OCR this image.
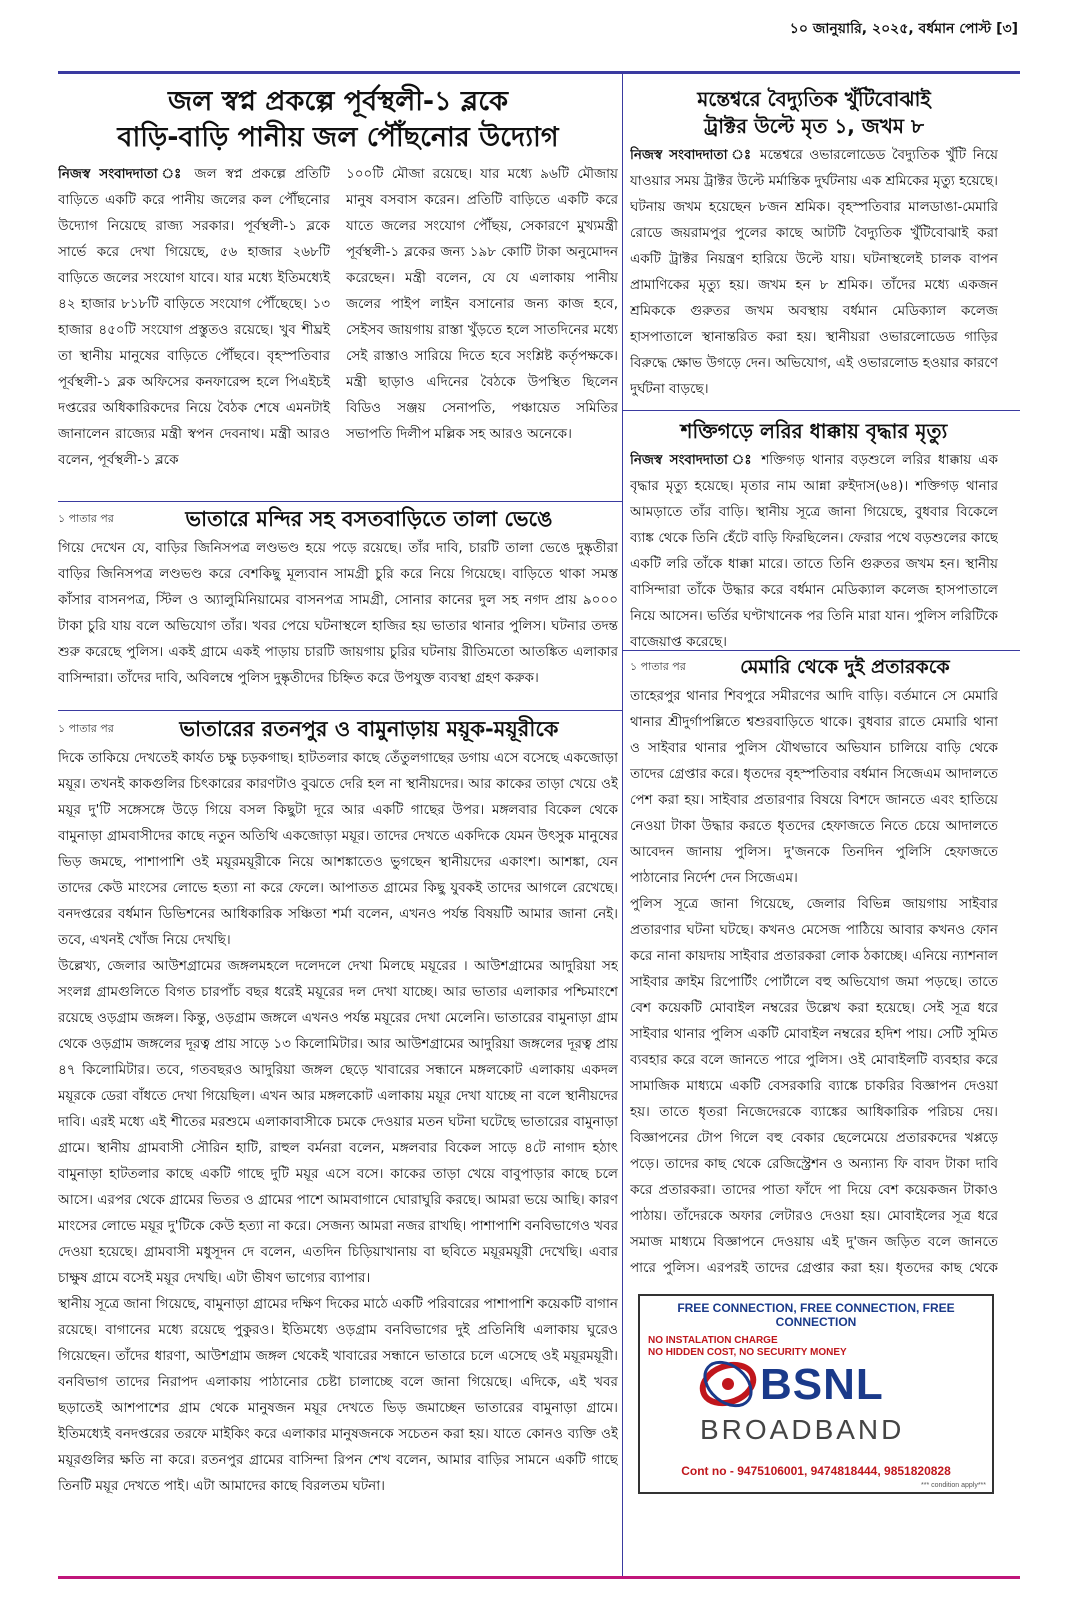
১০ জানুয়ারি, ২০২৫, বর্ধমান পোস্ট [৩]
জল স্বপ্ন প্রকল্পে পূর্বস্থলী-১ ব্লকে
বাড়ি-বাড়ি পানীয় জল পৌঁছনোর উদ্যোগ
নিজস্ব সংবাদদাতা ঃ জল স্বপ্ন প্রকল্পে প্রতিটি বাড়িতে একটি করে পানীয় জলের কল পৌঁছনোর উদ্যোগ নিয়েছে রাজ্য সরকার। পূর্বস্থলী-১ ব্লকে সার্ভে করে দেখা গিয়েছে, ৫৬ হাজার ২৬৮টি বাড়িতে জলের সংযোগ যাবে। যার মধ্যে ইতিমধ্যেই ৪২ হাজার ৮১৮টি বাড়িতে সংযোগ পৌঁছেছে। ১৩ হাজার ৪৫০টি সংযোগ প্রস্তুতও রয়েছে। খুব শীঘ্রই তা স্থানীয় মানুষের বাড়িতে পৌঁছবে। বৃহস্পতিবার পূর্বস্থলী-১ ব্লক অফিসের কনফারেন্স হলে পিএইচই দপ্তরের অধিকারিকদের নিয়ে বৈঠক শেষে এমনটাই জানালেন রাজ্যের মন্ত্রী স্বপন দেবনাথ। মন্ত্রী আরও বলেন, পূর্বস্থলী-১ ব্লকে
১০০টি মৌজা রয়েছে। যার মধ্যে ৯৬টি মৌজায় মানুষ বসবাস করেন। প্রতিটি বাড়িতে একটি করে যাতে জলের সংযোগ পৌঁছয়, সেকারণে মুখ্যমন্ত্রী পূর্বস্থলী-১ ব্লকের জন্য ১৯৮ কোটি টাকা অনুমোদন করেছেন। মন্ত্রী বলেন, যে যে এলাকায় পানীয় জলের পাইপ লাইন বসানোর জন্য কাজ হবে, সেইসব জায়গায় রাস্তা খুঁড়তে হলে সাতদিনের মধ্যে সেই রাস্তাও সারিয়ে দিতে হবে সংশ্লিষ্ট কর্তৃপক্ষকে। মন্ত্রী ছাড়াও এদিনের বৈঠকে উপস্থিত ছিলেন বিডিও সঞ্জয় সেনাপতি, পঞ্চায়েত সমিতির সভাপতি দিলীপ মল্লিক সহ আরও অনেকে।
১ পাতার পর	ভাতারে মন্দির সহ বসতবাড়িতে তালা ভেঙে
গিয়ে দেখেন যে, বাড়ির জিনিসপত্র লণ্ডভণ্ড হয়ে পড়ে রয়েছে। তাঁর দাবি, চারটি তালা ভেঙে দুষ্কৃতীরা বাড়ির জিনিসপত্র লণ্ডভণ্ড করে বেশকিছু মূল্যবান সামগ্রী চুরি করে নিয়ে গিয়েছে। বাড়িতে থাকা সমস্ত কাঁসার বাসনপত্র, স্টিল ও অ্যালুমিনিয়ামের বাসনপত্র সামগ্রী, সোনার কানের দুল সহ নগদ প্রায় ৯০০০ টাকা চুরি যায় বলে অভিযোগ তাঁর। খবর পেয়ে ঘটনাস্থলে হাজির হয় ভাতার থানার পুলিস। ঘটনার তদন্ত শুরু করেছে পুলিস। একই গ্রামে একই পাড়ায় চারটি জায়গায় চুরির ঘটনায় রীতিমতো আতঙ্কিত এলাকার বাসিন্দারা। তাঁদের দাবি, অবিলম্বে পুলিস দুষ্কৃতীদের চিহ্নিত করে উপযুক্ত ব্যবস্থা গ্রহণ করুক।
১ পাতার পর	ভাতারের রতনপুর ও বামুনাড়ায় ময়ূক-ময়ূরীকে
দিকে তাকিয়ে দেখতেই কার্যত চক্ষু চড়কগাছ। হাটতলার কাছে তেঁতুলগাছের ডগায় এসে বসেছে একজোড়া ময়ূর। তখনই কাকগুলির চিৎকারের কারণটাও বুঝতে দেরি হল না স্থানীয়দের। আর কাকের তাড়া খেয়ে ওই ময়ূর দু'টি সঙ্গেসঙ্গে উড়ে গিয়ে বসল কিছুটা দূরে আর একটি গাছের উপর। মঙ্গলবার বিকেল থেকে বামুনাড়া গ্রামবাসীদের কাছে নতুন অতিথি একজোড়া ময়ূর। তাদের দেখতে একদিকে যেমন উৎসুক মানুষের ভিড় জমছে, পাশাপাশি ওই ময়ূরময়ূরীকে নিয়ে আশঙ্কাতেও ভুগছেন স্থানীয়দের একাংশ। আশঙ্কা, যেন তাদের কেউ মাংসের লোভে হত্যা না করে ফেলে। আপাতত গ্রামের কিছু যুবকই তাদের আগলে রেখেছে। বনদপ্তরের বর্ধমান ডিভিশনের আধিকারিক সঞ্চিতা শর্মা বলেন, এখনও পর্যন্ত বিষয়টি আমার জানা নেই। তবে, এখনই খোঁজ নিয়ে দেখছি।
উল্লেখ্য, জেলার আউশগ্রামের জঙ্গলমহলে দলেদলে দেখা মিলছে ময়ূরের । আউশগ্রামের আদুরিয়া সহ সংলগ্ন গ্রামগুলিতে বিগত চারপাঁচ বছর ধরেই ময়ূরের দল দেখা যাচ্ছে। আর ভাতার এলাকার পশ্চিমাংশে রয়েছে ওড়গ্রাম জঙ্গল। কিন্তু, ওড়গ্রাম জঙ্গলে এখনও পর্যন্ত ময়ূরের দেখা মেলেনি। ভাতারের বামুনাড়া গ্রাম থেকে ওড়গ্রাম জঙ্গলের দূরত্ব প্রায় সাড়ে ১৩ কিলোমিটার। আর আউশগ্রামের আদুরিয়া জঙ্গলের দূরত্ব প্রায় ৪৭ কিলোমিটার। তবে, গতবছরও আদুরিয়া জঙ্গল ছেড়ে খাবারের সন্ধানে মঙ্গলকোট এলাকায় একদল ময়ূরকে ডেরা বাঁধতে দেখা গিয়েছিল। এখন আর মঙ্গলকোট এলাকায় ময়ূর দেখা যাচ্ছে না বলে স্থানীয়দের দাবি। এরই মধ্যে এই শীতের মরশুমে এলাকাবাসীকে চমকে দেওয়ার মতন ঘটনা ঘটেছে ভাতারের বামুনাড়া গ্রামে। স্থানীয় গ্রামবাসী সৌরিন হাটি, রাহুল বর্মনরা বলেন, মঙ্গলবার বিকেল সাড়ে ৪টে নাগাদ হঠাৎ বামুনাড়া হাটতলার কাছে একটি গাছে দুটি ময়ূর এসে বসে। কাকের তাড়া খেয়ে বাবুপাড়ার কাছে চলে আসে। এরপর থেকে গ্রামের ভিতর ও গ্রামের পাশে আমবাগানে ঘোরাঘুরি করছে। আমরা ভয়ে আছি। কারণ মাংসের লোভে ময়ূর দু'টিকে কেউ হত্যা না করে। সেজন্য আমরা নজর রাখছি। পাশাপাশি বনবিভাগেও খবর দেওয়া হয়েছে। গ্রামবাসী মধুসূদন দে বলেন, এতদিন চিড়িয়াখানায় বা ছবিতে ময়ূরময়ূরী দেখেছি। এবার চাক্ষুষ গ্রামে বসেই ময়ূর দেখছি। এটা ভীষণ ভাগ্যের ব্যাপার।
স্থানীয় সূত্রে জানা গিয়েছে, বামুনাড়া গ্রামের দক্ষিণ দিকের মাঠে একটি পরিবারের পাশাপাশি কয়েকটি বাগান রয়েছে। বাগানের মধ্যে রয়েছে পুকুরও। ইতিমধ্যে ওড়গ্রাম বনবিভাগের দুই প্রতিনিধি এলাকায় ঘুরেও গিয়েছেন। তাঁদের ধারণা, আউশগ্রাম জঙ্গল থেকেই খাবারের সন্ধানে ভাতারে চলে এসেছে ওই ময়ূরময়ূরী। বনবিভাগ তাদের নিরাপদ এলাকায় পাঠানোর চেষ্টা চালাচ্ছে বলে জানা গিয়েছে। এদিকে, এই খবর ছড়াতেই আশপাশের গ্রাম থেকে মানুষজন ময়ূর দেখতে ভিড় জমাচ্ছেন ভাতারের বামুনাড়া গ্রামে। ইতিমধ্যেই বনদপ্তরের তরফে মাইকিং করে এলাকার মানুষজনকে সচেতন করা হয়। যাতে কোনও ব্যক্তি ওই ময়ূরগুলির ক্ষতি না করে। রতনপুর গ্রামের বাসিন্দা রিপন শেখ বলেন, আমার বাড়ির সামনে একটি গাছে তিনটি ময়ূর দেখতে পাই। এটা আমাদের কাছে বিরলতম ঘটনা।
মন্তেশ্বরে বৈদ্যুতিক খুঁটিবোঝাই
ট্রাক্টর উল্টে মৃত ১, জখম ৮
নিজস্ব সংবাদদাতা ঃ মন্তেশ্বরে ওভারলোডেড বৈদ্যুতিক খুঁটি নিয়ে যাওয়ার সময় ট্রাক্টর উল্টে মর্মান্তিক দুর্ঘটনায় এক শ্রমিকের মৃত্যু হয়েছে। ঘটনায় জখম হয়েছেন ৮জন শ্রমিক। বৃহস্পতিবার মালডাঙা-মেমারি রোডে জয়রামপুর পুলের কাছে আটটি বৈদ্যুতিক খুঁটিবোঝাই করা একটি ট্রাক্টর নিয়ন্ত্রণ হারিয়ে উল্টে যায়। ঘটনাস্থলেই চালক বাপন প্রামাণিকের মৃত্যু হয়। জখম হন ৮ শ্রমিক। তাঁদের মধ্যে একজন শ্রমিককে গুরুতর জখম অবস্থায় বর্ধমান মেডিক্যাল কলেজ হাসপাতালে স্থানান্তরিত করা হয়। স্থানীয়রা ওভারলোডেড গাড়ির বিরুদ্ধে ক্ষোভ উগড়ে দেন। অভিযোগ, এই ওভারলোড হওয়ার কারণে দুর্ঘটনা বাড়ছে।
শক্তিগড়ে লরির ধাক্কায় বৃদ্ধার মৃত্যু
নিজস্ব সংবাদদাতা ঃ শক্তিগড় থানার বড়শুলে লরির ধাক্কায় এক বৃদ্ধার মৃত্যু হয়েছে। মৃতার নাম আন্না রুইদাস(৬৪)। শক্তিগড় থানার আমড়াতে তাঁর বাড়ি। স্থানীয় সূত্রে জানা গিয়েছে, বুধবার বিকেলে ব্যাঙ্ক থেকে তিনি হেঁটে বাড়ি ফিরছিলেন। ফেরার পথে বড়শুলের কাছে একটি লরি তাঁকে ধাক্কা মারে। তাতে তিনি গুরুতর জখম হন। স্থানীয় বাসিন্দারা তাঁকে উদ্ধার করে বর্ধমান মেডিক্যাল কলেজ হাসপাতালে নিয়ে আসেন। ভর্তির ঘণ্টাখানেক পর তিনি মারা যান। পুলিস লরিটিকে বাজেয়াপ্ত করেছে।
১ পাতার পর	মেমারি থেকে দুই প্রতারককে
তাহেরপুর থানার শিবপুরে সমীরণের আদি বাড়ি। বর্তমানে সে মেমারি থানার শ্রীদুর্গাপল্লিতে শ্বশুরবাড়িতে থাকে। বুধবার রাতে মেমারি থানা ও সাইবার থানার পুলিস যৌথভাবে অভিযান চালিয়ে বাড়ি থেকে তাদের গ্রেপ্তার করে। ধৃতদের বৃহস্পতিবার বর্ধমান সিজেএম আদালতে পেশ করা হয়। সাইবার প্রতারণার বিষয়ে বিশদে জানতে এবং হাতিয়ে নেওয়া টাকা উদ্ধার করতে ধৃতদের হেফাজতে নিতে চেয়ে আদালতে আবেদন জানায় পুলিস। দু'জনকে তিনদিন পুলিসি হেফাজতে পাঠানোর নির্দেশ দেন সিজেএম।
পুলিস সূত্রে জানা গিয়েছে, জেলার বিভিন্ন জায়গায় সাইবার প্রতারণার ঘটনা ঘটছে। কখনও মেসেজ পাঠিয়ে আবার কখনও ফোন করে নানা কায়দায় সাইবার প্রতারকরা লোক ঠকাচ্ছে। এনিয়ে ন্যাশনাল সাইবার ক্রাইম রিপোর্টিং পোর্টালে বহু অভিযোগ জমা পড়ছে। তাতে বেশ কয়েকটি মোবাইল নম্বরের উল্লেখ করা হয়েছে। সেই সূত্র ধরে সাইবার থানার পুলিস একটি মোবাইল নম্বরের হদিশ পায়। সেটি সুমিত ব্যবহার করে বলে জানতে পারে পুলিস। ওই মোবাইলটি ব্যবহার করে সামাজিক মাধ্যমে একটি বেসরকারি ব্যাঙ্কে চাকরির বিজ্ঞাপন দেওয়া হয়। তাতে ধৃতরা নিজেদেরকে ব্যাঙ্কের আধিকারিক পরিচয় দেয়। বিজ্ঞাপনের টোপ গিলে বহু বেকার ছেলেমেয়ে প্রতারকদের খপ্পড়ে পড়ে। তাদের কাছ থেকে রেজিস্ট্রেশন ও অন্যান্য ফি বাবদ টাকা দাবি করে প্রতারকরা। তাদের পাতা ফাঁদে পা দিয়ে বেশ কয়েকজন টাকাও পাঠায়। তাঁদেরকে অফার লেটারও দেওয়া হয়। মোবাইলের সূত্র ধরে সমাজ মাধ্যমে বিজ্ঞাপনে দেওয়ায় এই দু'জন জড়িত বলে জানতে পারে পুলিস। এরপরই তাদের গ্রেপ্তার করা হয়। ধৃতদের কাছ থেকে
FREE CONNECTION, FREE CONNECTION, FREE CONNECTION
NO INSTALATION CHARGE
NO HIDDEN COST, NO SECURITY MONEY
BSNL
BROADBAND
Cont no - 9475106001, 9474818444, 9851820828
*** condition apply***
